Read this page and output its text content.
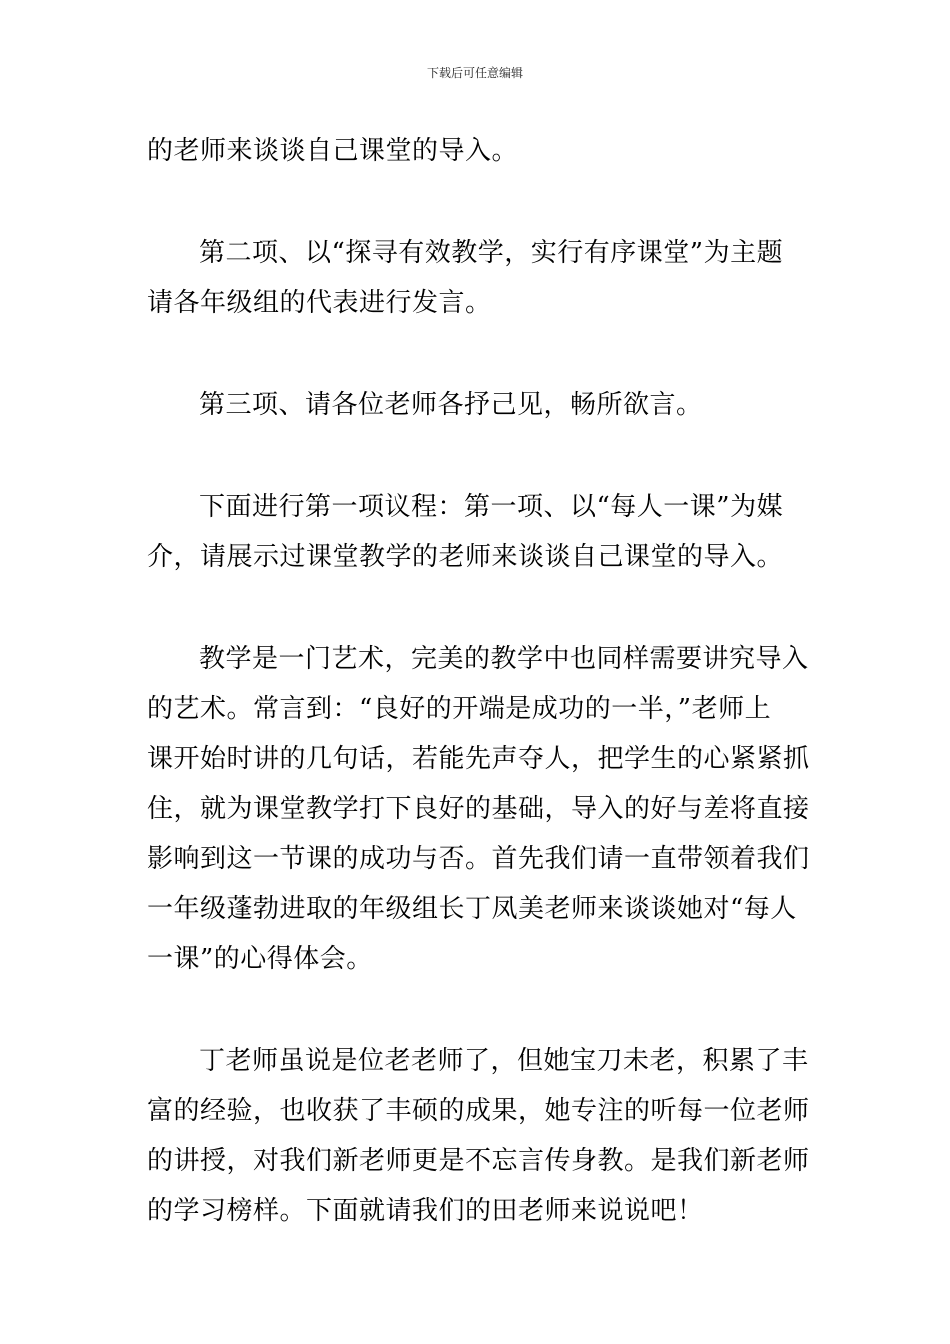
下载后可任意编辑

的老师来谈谈自己课堂的导入。

第二项、以“探寻有效教学，实行有序课堂”为主题
请各年级组的代表进行发言。

第三项、请各位老师各抒己见，畅所欲言。

下面进行第一项议程：第一项、以“每人一课”为媒
介，请展示过课堂教学的老师来谈谈自己课堂的导入。

教学是一门艺术，完美的教学中也同样需要讲究导入
的艺术。常言到：“良好的开端是成功的一半，”老师上
课开始时讲的几句话，若能先声夺人，把学生的心紧紧抓
住，就为课堂教学打下良好的基础，导入的好与差将直接
影响到这一节课的成功与否。首先我们请一直带领着我们
一年级蓬勃进取的年级组长丁凤美老师来谈谈她对“每人
一课”的心得体会。

丁老师虽说是位老老师了，但她宝刀未老，积累了丰
富的经验，也收获了丰硕的成果，她专注的听每一位老师
的讲授，对我们新老师更是不忘言传身教。是我们新老师
的学习榜样。下面就请我们的田老师来说说吧！
